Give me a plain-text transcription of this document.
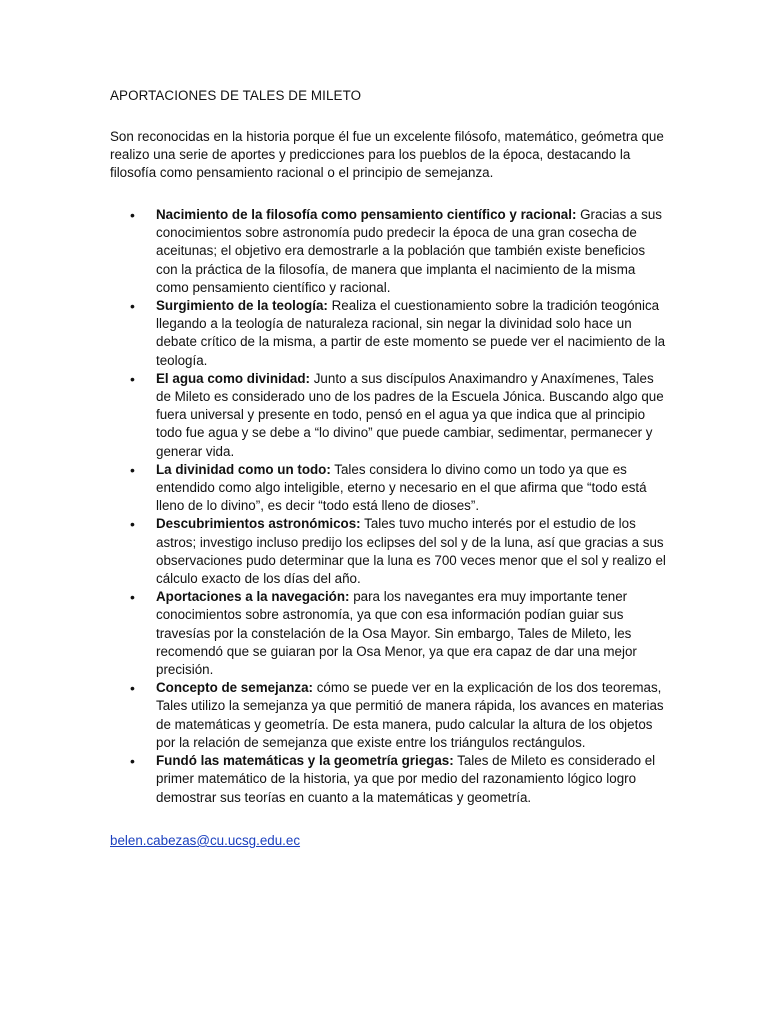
APORTACIONES DE TALES DE MILETO

Son reconocidas en la historia porque él fue un excelente filósofo, matemático, geómetra que realizo una serie de aportes y predicciones para los pueblos de la época, destacando la filosofía como pensamiento racional o el principio de semejanza.

• Nacimiento de la filosofía como pensamiento científico y racional: Gracias a sus conocimientos sobre astronomía pudo predecir la época de una gran cosecha de aceitunas; el objetivo era demostrarle a la población que también existe beneficios con la práctica de la filosofía, de manera que implanta el nacimiento de la misma como pensamiento científico y racional.
• Surgimiento de la teología: Realiza el cuestionamiento sobre la tradición teogónica llegando a la teología de naturaleza racional, sin negar la divinidad solo hace un debate crítico de la misma, a partir de este momento se puede ver el nacimiento de la teología.
• El agua como divinidad: Junto a sus discípulos Anaximandro y Anaxímenes, Tales de Mileto es considerado uno de los padres de la Escuela Jónica. Buscando algo que fuera universal y presente en todo, pensó en el agua ya que indica que al principio todo fue agua y se debe a “lo divino” que puede cambiar, sedimentar, permanecer y generar vida.
• La divinidad como un todo: Tales considera lo divino como un todo ya que es entendido como algo inteligible, eterno y necesario en el que afirma que “todo está lleno de lo divino”, es decir “todo está lleno de dioses”.
• Descubrimientos astronómicos: Tales tuvo mucho interés por el estudio de los astros; investigo incluso predijo los eclipses del sol y de la luna, así que gracias a sus observaciones pudo determinar que la luna es 700 veces menor que el sol y realizo el cálculo exacto de los días del año.
• Aportaciones a la navegación: para los navegantes era muy importante tener conocimientos sobre astronomía, ya que con esa información podían guiar sus travesías por la constelación de la Osa Mayor. Sin embargo, Tales de Mileto, les recomendó que se guiaran por la Osa Menor, ya que era capaz de dar una mejor precisión.
• Concepto de semejanza: cómo se puede ver en la explicación de los dos teoremas, Tales utilizo la semejanza ya que permitió de manera rápida, los avances en materias de matemáticas y geometría. De esta manera, pudo calcular la altura de los objetos por la relación de semejanza que existe entre los triángulos rectángulos.
• Fundó las matemáticas y la geometría griegas: Tales de Mileto es considerado el primer matemático de la historia, ya que por medio del razonamiento lógico logro demostrar sus teorías en cuanto a la matemáticas y geometría.
belen.cabezas@cu.ucsg.edu.ec
